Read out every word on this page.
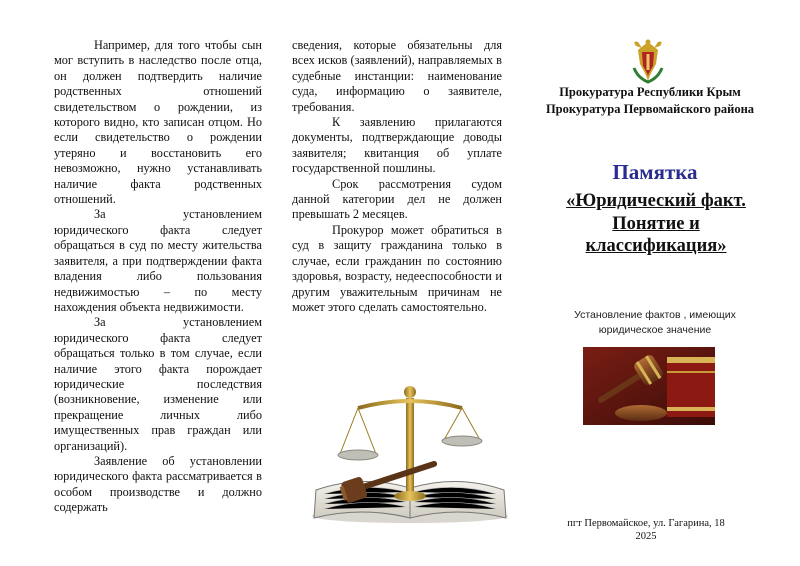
Например, для того чтобы сын мог вступить в наследство после отца, он должен подтвердить наличие родственных отношений свидетельством о рождении, из которого видно, кто записан отцом. Но если свидетельство о рождении утеряно и восстановить его невозможно, нужно устанавливать наличие факта родственных отношений.

За установлением юридического факта следует обращаться в суд по месту жительства заявителя, а при подтверждении факта владения либо пользования недвижимостью – по месту нахождения объекта недвижимости.

За установлением юридического факта следует обращаться только в том случае, если наличие этого факта порождает юридические последствия (возникновение, изменение или прекращение личных либо имущественных прав граждан или организаций).

Заявление об установлении юридического факта рассматривается в особом производстве и должно содержать

сведения, которые обязательны для всех исков (заявлений), направляемых в судебные инстанции: наименование суда, информацию о заявителе, требования.

К заявлению прилагаются документы, подтверждающие доводы заявителя; квитанция об уплате государственной пошлины.

Срок рассмотрения судом данной категории дел не должен превышать 2 месяцев.

Прокурор может обратиться в суд в защиту гражданина только в случае, если гражданин по состоянию здоровья, возрасту, недееспособности и другим уважительным причинам не может этого сделать самостоятельно.

Прокуратура Республики Крым
Прокуратура Первомайского района
Памятка
«Юридический факт. Понятие и классификация»
Установление фактов , имеющих юридическое значение
пгт Первомайское, ул. Гагарина, 18
2025
